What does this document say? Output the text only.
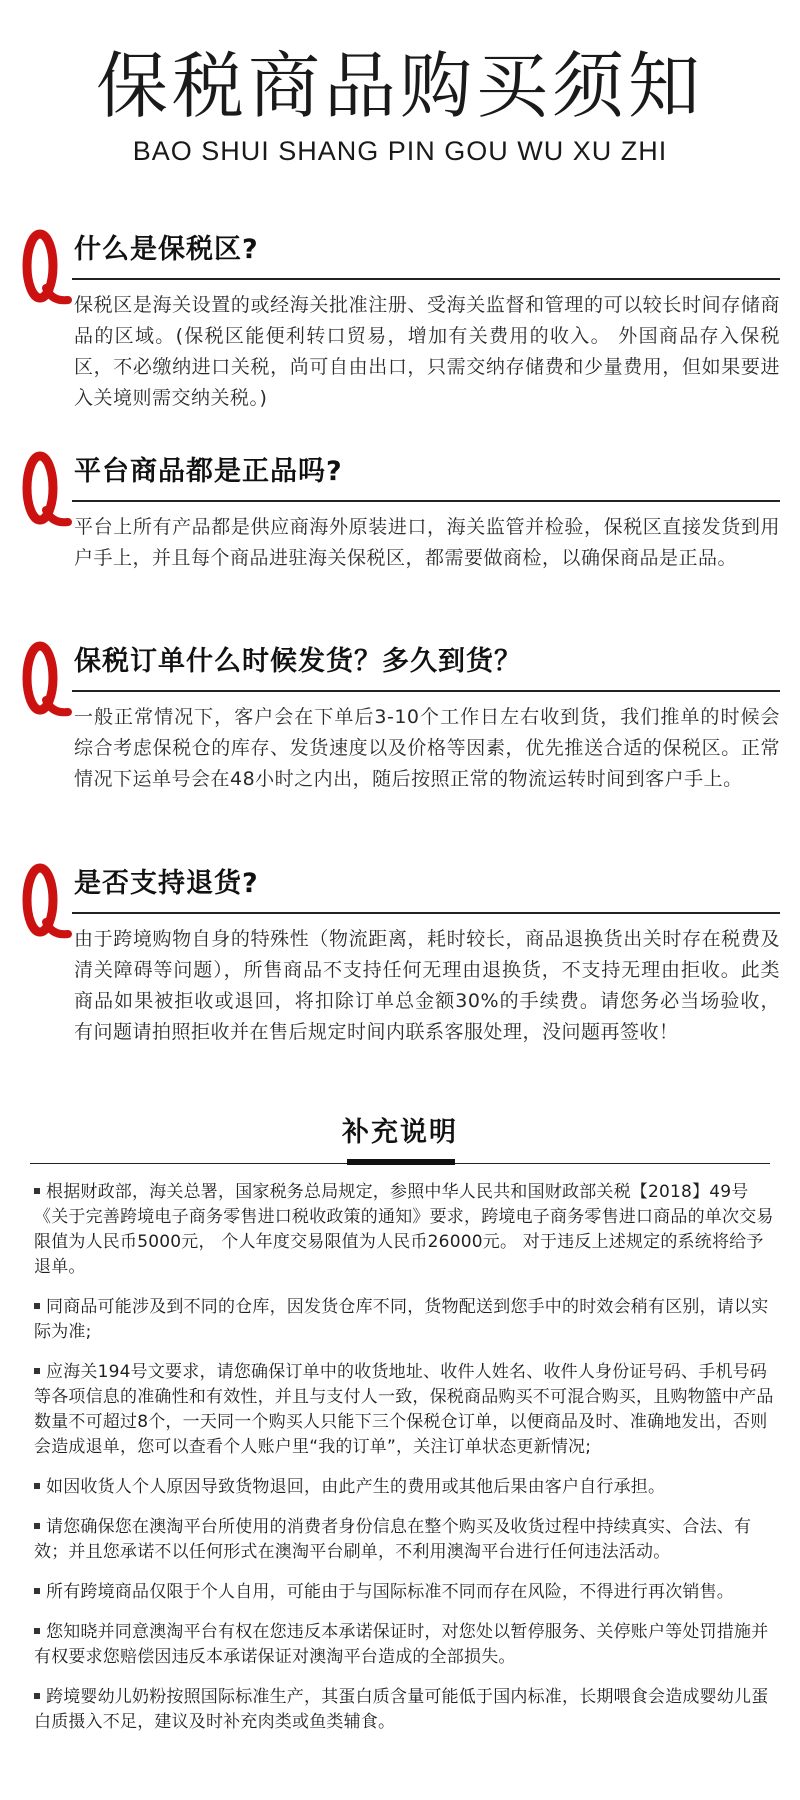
保税商品购买须知
BAO SHUI SHANG PIN GOU WU XU ZHI
什么是保税区?
保税区是海关设置的或经海关批准注册、受海关监督和管理的可以较长时间存储商品的区域。(保税区能便利转口贸易，增加有关费用的收入。 外国商品存入保税区，不必缴纳进口关税，尚可自由出口，只需交纳存储费和少量费用，但如果要进入关境则需交纳关税。)
平台商品都是正品吗?
平台上所有产品都是供应商海外原装进口，海关监管并检验，保税区直接发货到用户手上，并且每个商品进驻海关保税区，都需要做商检，以确保商品是正品。
保税订单什么时候发货？多久到货？
一般正常情况下，客户会在下单后3-10个工作日左右收到货，我们推单的时候会综合考虑保税仓的库存、发货速度以及价格等因素，优先推送合适的保税区。正常情况下运单号会在48小时之内出，随后按照正常的物流运转时间到客户手上。
是否支持退货?
由于跨境购物自身的特殊性（物流距离，耗时较长，商品退换货出关时存在税费及清关障碍等问题），所售商品不支持任何无理由退换货，不支持无理由拒收。此类商品如果被拒收或退回，将扣除订单总金额30%的手续费。请您务必当场验收，有问题请拍照拒收并在售后规定时间内联系客服处理，没问题再签收！
补充说明
根据财政部，海关总署，国家税务总局规定，参照中华人民共和国财政部关税【2018】49号《关于完善跨境电子商务零售进口税收政策的通知》要求，跨境电子商务零售进口商品的单次交易限值为人民币5000元， 个人年度交易限值为人民币26000元。 对于违反上述规定的系统将给予退单。
同商品可能涉及到不同的仓库，因发货仓库不同，货物配送到您手中的时效会稍有区别，请以实际为准;
应海关194号文要求，请您确保订单中的收货地址、收件人姓名、收件人身份证号码、手机号码等各项信息的准确性和有效性，并且与支付人一致，保税商品购买不可混合购买，且购物篮中产品数量不可超过8个，一天同一个购买人只能下三个保税仓订单，以便商品及时、准确地发出，否则会造成退单，您可以查看个人账户里“我的订单”，关注订单状态更新情况;
如因收货人个人原因导致货物退回，由此产生的费用或其他后果由客户自行承担。
请您确保您在澳淘平台所使用的消费者身份信息在整个购买及收货过程中持续真实、合法、有效；并且您承诺不以任何形式在澳淘平台刷单，不利用澳淘平台进行任何违法活动。
所有跨境商品仅限于个人自用，可能由于与国际标准不同而存在风险，不得进行再次销售。
您知晓并同意澳淘平台有权在您违反本承诺保证时，对您处以暂停服务、关停账户等处罚措施并有权要求您赔偿因违反本承诺保证对澳淘平台造成的全部损失。
跨境婴幼儿奶粉按照国际标准生产，其蛋白质含量可能低于国内标准，长期喂食会造成婴幼儿蛋白质摄入不足，建议及时补充肉类或鱼类辅食。
